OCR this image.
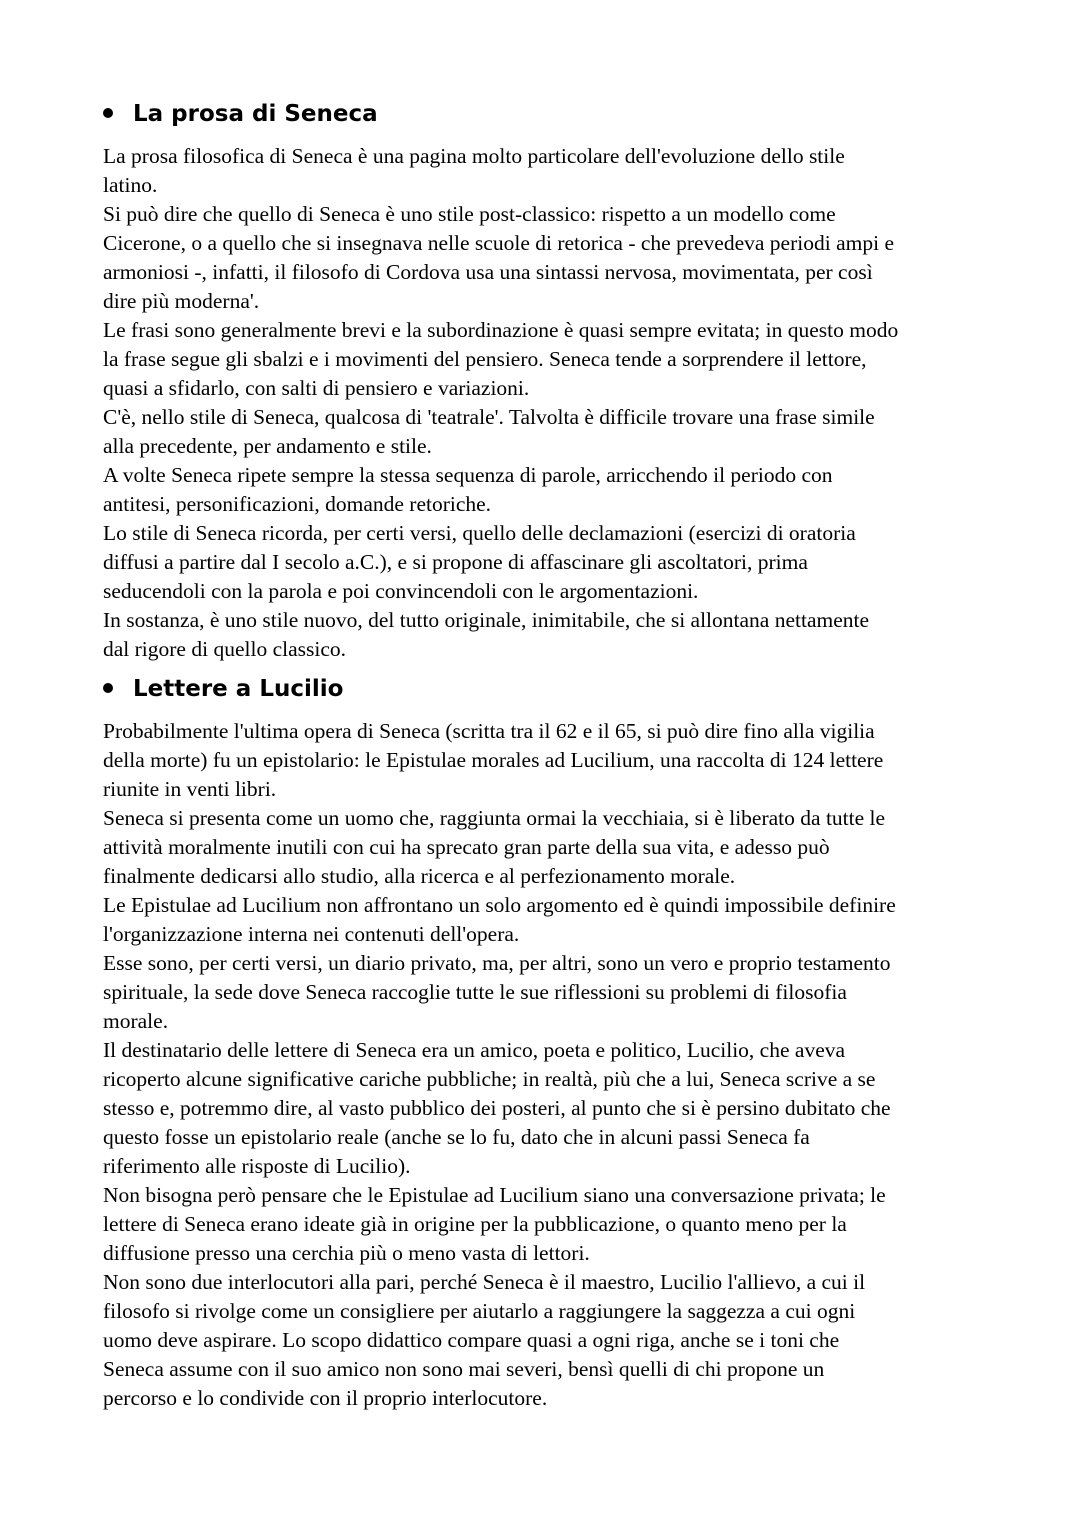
La prosa di Seneca
La prosa filosofica di Seneca è una pagina molto particolare dell'evoluzione dello stile
latino.
Si può dire che quello di Seneca è uno stile post-classico: rispetto a un modello come
Cicerone, o a quello che si insegnava nelle scuole di retorica - che prevedeva periodi ampi e
armoniosi -, infatti, il filosofo di Cordova usa una sintassi nervosa, movimentata, per così
dire più moderna'.
Le frasi sono generalmente brevi e la subordinazione è quasi sempre evitata; in questo modo
la frase segue gli sbalzi e i movimenti del pensiero. Seneca tende a sorprendere il lettore,
quasi a sfidarlo, con salti di pensiero e variazioni.
C'è, nello stile di Seneca, qualcosa di 'teatrale'. Talvolta è difficile trovare una frase simile
alla precedente, per andamento e stile.
A volte Seneca ripete sempre la stessa sequenza di parole, arricchendo il periodo con
antitesi, personificazioni, domande retoriche.
Lo stile di Seneca ricorda, per certi versi, quello delle declamazioni (esercizi di oratoria
diffusi a partire dal I secolo a.C.), e si propone di affascinare gli ascoltatori, prima
seducendoli con la parola e poi convincendoli con le argomentazioni.
In sostanza, è uno stile nuovo, del tutto originale, inimitabile, che si allontana nettamente
dal rigore di quello classico.
Lettere a Lucilio
Probabilmente l'ultima opera di Seneca (scritta tra il 62 e il 65, si può dire fino alla vigilia
della morte) fu un epistolario: le Epistulae morales ad Lucilium, una raccolta di 124 lettere
riunite in venti libri.
Seneca si presenta come un uomo che, raggiunta ormai la vecchiaia, si è liberato da tutte le
attività moralmente inutili con cui ha sprecato gran parte della sua vita, e adesso può
finalmente dedicarsi allo studio, alla ricerca e al perfezionamento morale.
Le Epistulae ad Lucilium non affrontano un solo argomento ed è quindi impossibile definire
l'organizzazione interna nei contenuti dell'opera.
Esse sono, per certi versi, un diario privato, ma, per altri, sono un vero e proprio testamento
spirituale, la sede dove Seneca raccoglie tutte le sue riflessioni su problemi di filosofia
morale.
Il destinatario delle lettere di Seneca era un amico, poeta e politico, Lucilio, che aveva
ricoperto alcune significative cariche pubbliche; in realtà, più che a lui, Seneca scrive a se
stesso e, potremmo dire, al vasto pubblico dei posteri, al punto che si è persino dubitato che
questo fosse un epistolario reale (anche se lo fu, dato che in alcuni passi Seneca fa
riferimento alle risposte di Lucilio).
Non bisogna però pensare che le Epistulae ad Lucilium siano una conversazione privata; le
lettere di Seneca erano ideate già in origine per la pubblicazione, o quanto meno per la
diffusione presso una cerchia più o meno vasta di lettori.
Non sono due interlocutori alla pari, perché Seneca è il maestro, Lucilio l'allievo, a cui il
filosofo si rivolge come un consigliere per aiutarlo a raggiungere la saggezza a cui ogni
uomo deve aspirare. Lo scopo didattico compare quasi a ogni riga, anche se i toni che
Seneca assume con il suo amico non sono mai severi, bensì quelli di chi propone un
percorso e lo condivide con il proprio interlocutore.
